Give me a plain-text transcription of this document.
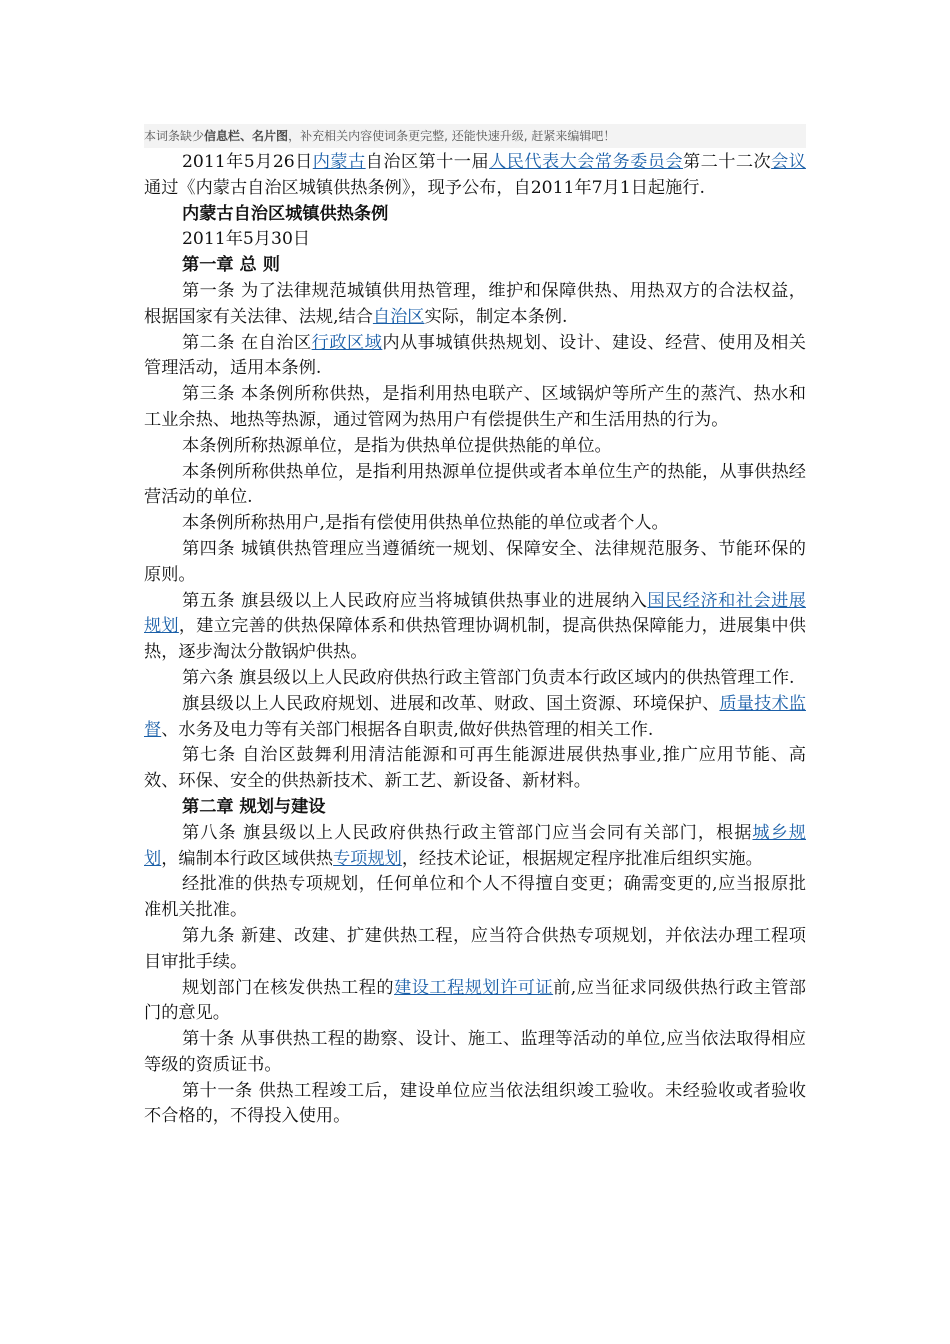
本词条缺少信息栏、名片图，补充相关内容使词条更完整, 还能快速升级, 赶紧来编辑吧！

2011年5月26日内蒙古自治区第十一届人民代表大会常务委员会第二十二次会议通过《内蒙古自治区城镇供热条例》，现予公布，自2011年7月1日起施行.

内蒙古自治区城镇供热条例

2011年5月30日

第一章 总 则

第一条 为了法律规范城镇供用热管理，维护和保障供热、用热双方的合法权益，根据国家有关法律、法规,结合自治区实际，制定本条例.

第二条 在自治区行政区域内从事城镇供热规划、设计、建设、经营、使用及相关管理活动，适用本条例.

第三条 本条例所称供热，是指利用热电联产、区域锅炉等所产生的蒸汽、热水和工业余热、地热等热源，通过管网为热用户有偿提供生产和生活用热的行为。

本条例所称热源单位，是指为供热单位提供热能的单位。

本条例所称供热单位，是指利用热源单位提供或者本单位生产的热能，从事供热经营活动的单位.

本条例所称热用户,是指有偿使用供热单位热能的单位或者个人。

第四条 城镇供热管理应当遵循统一规划、保障安全、法律规范服务、节能环保的原则。

第五条 旗县级以上人民政府应当将城镇供热事业的进展纳入国民经济和社会进展规划，建立完善的供热保障体系和供热管理协调机制，提高供热保障能力，进展集中供热，逐步淘汰分散锅炉供热。

第六条 旗县级以上人民政府供热行政主管部门负责本行政区域内的供热管理工作.

旗县级以上人民政府规划、进展和改革、财政、国土资源、环境保护、质量技术监督、水务及电力等有关部门根据各自职责,做好供热管理的相关工作.

第七条 自治区鼓舞利用清洁能源和可再生能源进展供热事业,推广应用节能、高效、环保、安全的供热新技术、新工艺、新设备、新材料。

第二章 规划与建设

第八条 旗县级以上人民政府供热行政主管部门应当会同有关部门，根据城乡规划，编制本行政区域供热专项规划，经技术论证，根据规定程序批准后组织实施。

经批准的供热专项规划，任何单位和个人不得擅自变更；确需变更的,应当报原批准机关批准。

第九条 新建、改建、扩建供热工程，应当符合供热专项规划，并依法办理工程项目审批手续。

规划部门在核发供热工程的建设工程规划许可证前,应当征求同级供热行政主管部门的意见。

第十条 从事供热工程的勘察、设计、施工、监理等活动的单位,应当依法取得相应等级的资质证书。

第十一条 供热工程竣工后，建设单位应当依法组织竣工验收。未经验收或者验收不合格的，不得投入使用。
